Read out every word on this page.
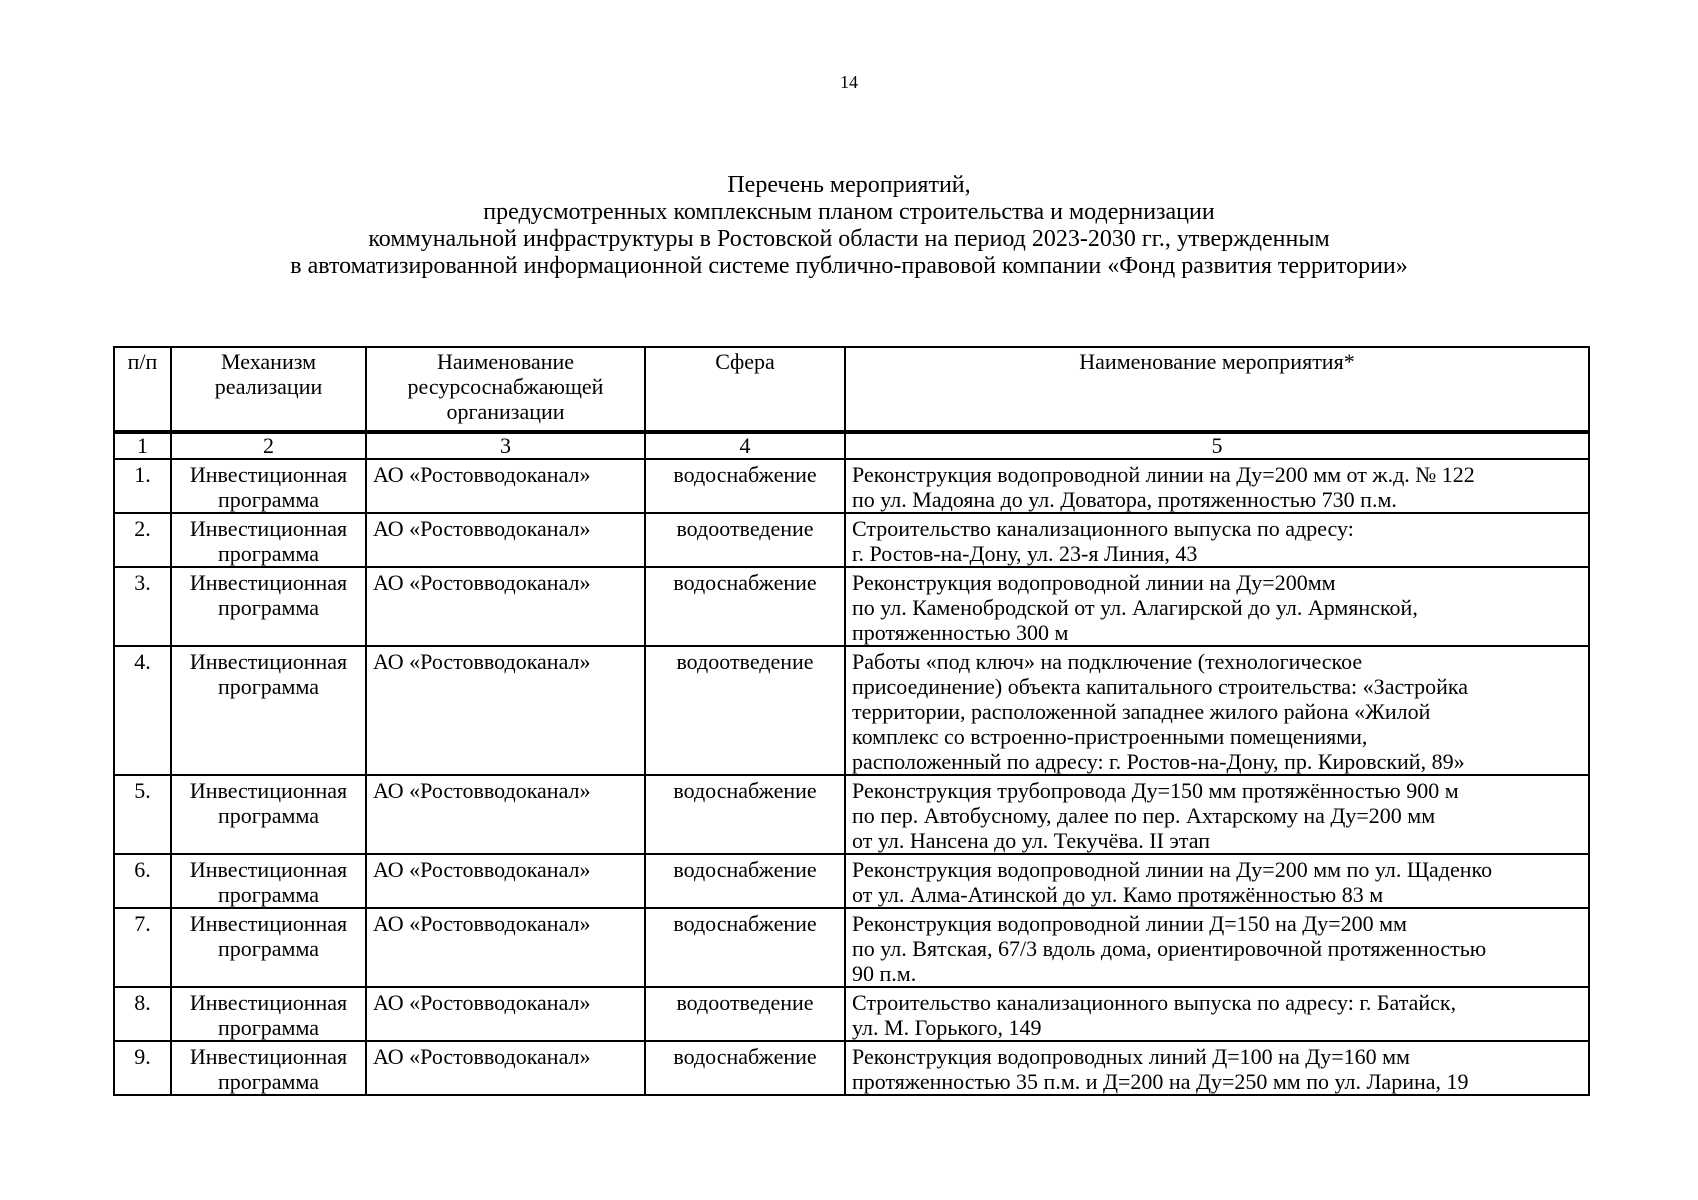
14
Перечень мероприятий,
предусмотренных комплексным планом строительства и модернизации
коммунальной инфраструктуры в Ростовской области на период 2023-2030 гг., утвержденным
в автоматизированной информационной системе публично-правовой компании «Фонд развития территории»
п/п	Механизм реализации	Наименование ресурсоснабжающей организации	Сфера	Наименование мероприятия*
1	2	3	4	5
1.	Инвестиционная программа	АО «Ростовводоканал»	водоснабжение	Реконструкция водопроводной линии на Ду=200 мм от ж.д. № 122
по ул. Мадояна до ул. Доватора, протяженностью 730 п.м.
2.	Инвестиционная программа	АО «Ростовводоканал»	водоотведение	Строительство канализационного выпуска по адресу:
г. Ростов-на-Дону, ул. 23-я Линия, 43
3.	Инвестиционная программа	АО «Ростовводоканал»	водоснабжение	Реконструкция водопроводной линии на Ду=200мм
по ул. Каменобродской от ул. Алагирской до ул. Армянской,
протяженностью 300 м
4.	Инвестиционная программа	АО «Ростовводоканал»	водоотведение	Работы «под ключ» на подключение (технологическое
присоединение) объекта капитального строительства: «Застройка
территории, расположенной западнее жилого района «Жилой
комплекс со встроенно-пристроенными помещениями,
расположенный по адресу: г. Ростов-на-Дону, пр. Кировский, 89»
5.	Инвестиционная программа	АО «Ростовводоканал»	водоснабжение	Реконструкция трубопровода Ду=150 мм протяжённостью 900 м
по пер. Автобусному, далее по пер. Ахтарскому на Ду=200 мм
от ул. Нансена до ул. Текучёва. II этап
6.	Инвестиционная программа	АО «Ростовводоканал»	водоснабжение	Реконструкция водопроводной линии на Ду=200 мм по ул. Щаденко
от ул. Алма-Атинской до ул. Камо протяжённостью 83 м
7.	Инвестиционная программа	АО «Ростовводоканал»	водоснабжение	Реконструкция водопроводной линии Д=150 на Ду=200 мм
по ул. Вятская, 67/3 вдоль дома, ориентировочной протяженностью
90 п.м.
8.	Инвестиционная программа	АО «Ростовводоканал»	водоотведение	Строительство канализационного выпуска по адресу: г. Батайск,
ул. М. Горького, 149
9.	Инвестиционная программа	АО «Ростовводоканал»	водоснабжение	Реконструкция водопроводных линий Д=100 на Ду=160 мм
протяженностью 35 п.м. и Д=200 на Ду=250 мм по ул. Ларина, 19
